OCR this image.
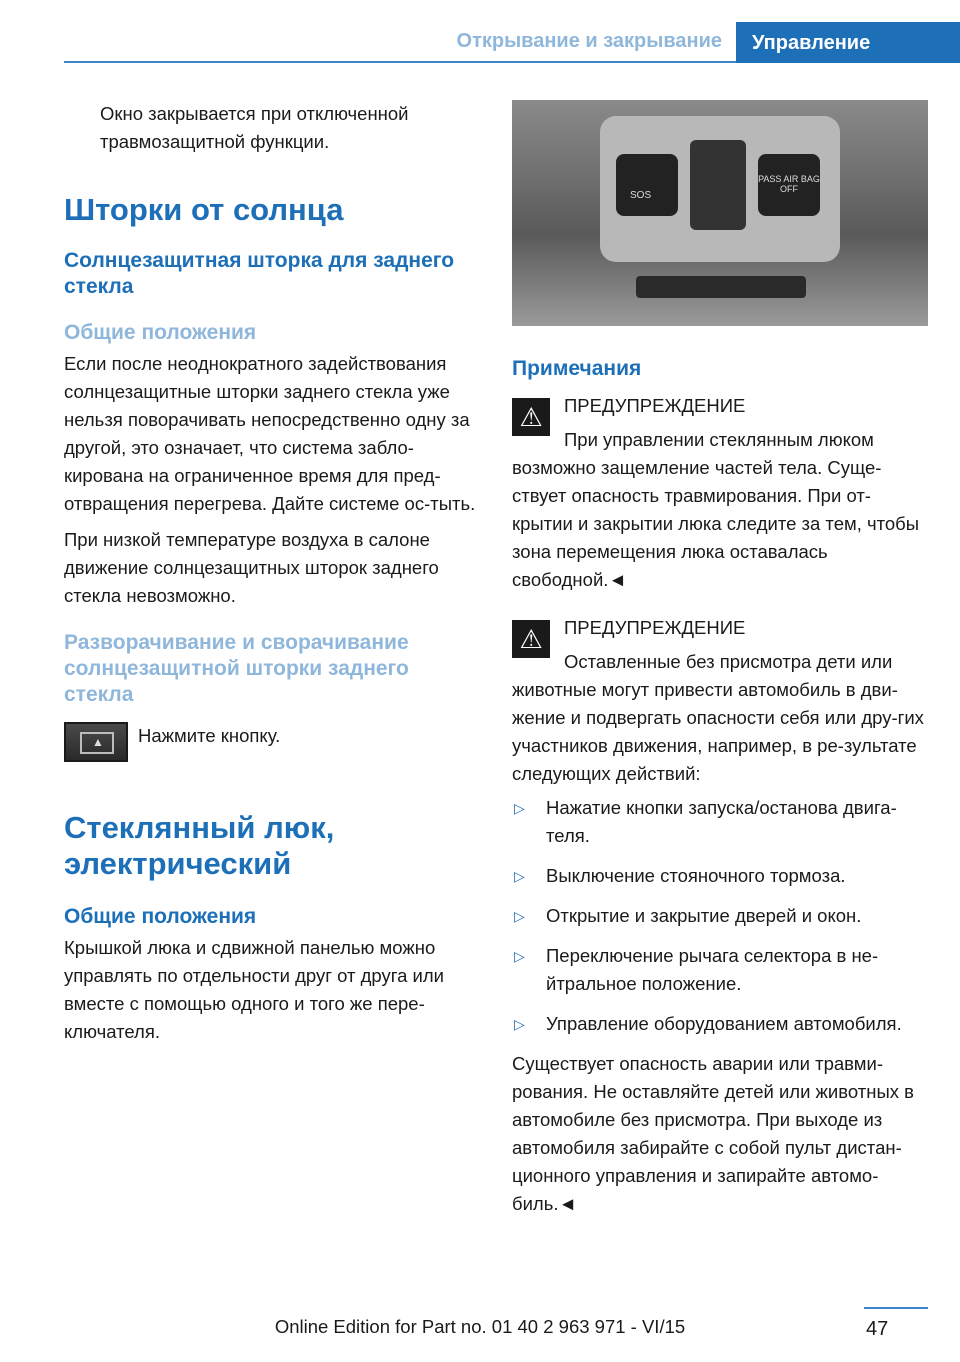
Открывание и закрывание	Управление

Окно закрывается при отключенной травмозащитной функции.

Шторки от солнца
Солнцезащитная шторка для заднего стекла
Общие положения

Если после неоднократного задействования солнцезащитные шторки заднего стекла уже нельзя поворачивать непосредственно одну за другой, это означает, что система забло-кирована на ограниченное время для пред-отвращения перегрева. Дайте системе ос-тыть.

При низкой температуре воздуха в салоне движение солнцезащитных шторок заднего стекла невозможно.

Разворачивание и сворачивание солнцезащитной шторки заднего стекла
▲ Нажмите кнопку.

Стеклянный люк, электрический
Общие положения

Крышкой люка и сдвижной панелью можно управлять по отдельности друг от друга или вместе с помощью одного и того же пере-ключателя.

SOS
PASS AIR BAG OFF
Примечания
⚠ ПРЕДУПРЕЖДЕНИЕ

При управлении стеклянным люком возможно защемление частей тела. Суще-ствует опасность травмирования. При от-крытии и закрытии люка следите за тем, чтобы зона перемещения люка оставалась свободной.◄

⚠ ПРЕДУПРЕЖДЕНИЕ

Оставленные без присмотра дети или животные могут привести автомобиль в дви-жение и подвергать опасности себя или дру-гих участников движения, например, в ре-зультате следующих действий:

▷	Нажатие кнопки запуска/останова двига-теля.
▷	Выключение стояночного тормоза.
▷	Открытие и закрытие дверей и окон.
▷	Переключение рычага селектора в не-йтральное положение.
▷	Управление оборудованием автомобиля.

Существует опасность аварии или травми-рования. Не оставляйте детей или животных в автомобиле без присмотра. При выходе из автомобиля забирайте с собой пульт дистан-ционного управления и запирайте автомо-биль.◄

47
Online Edition for Part no. 01 40 2 963 971 - VI/15
